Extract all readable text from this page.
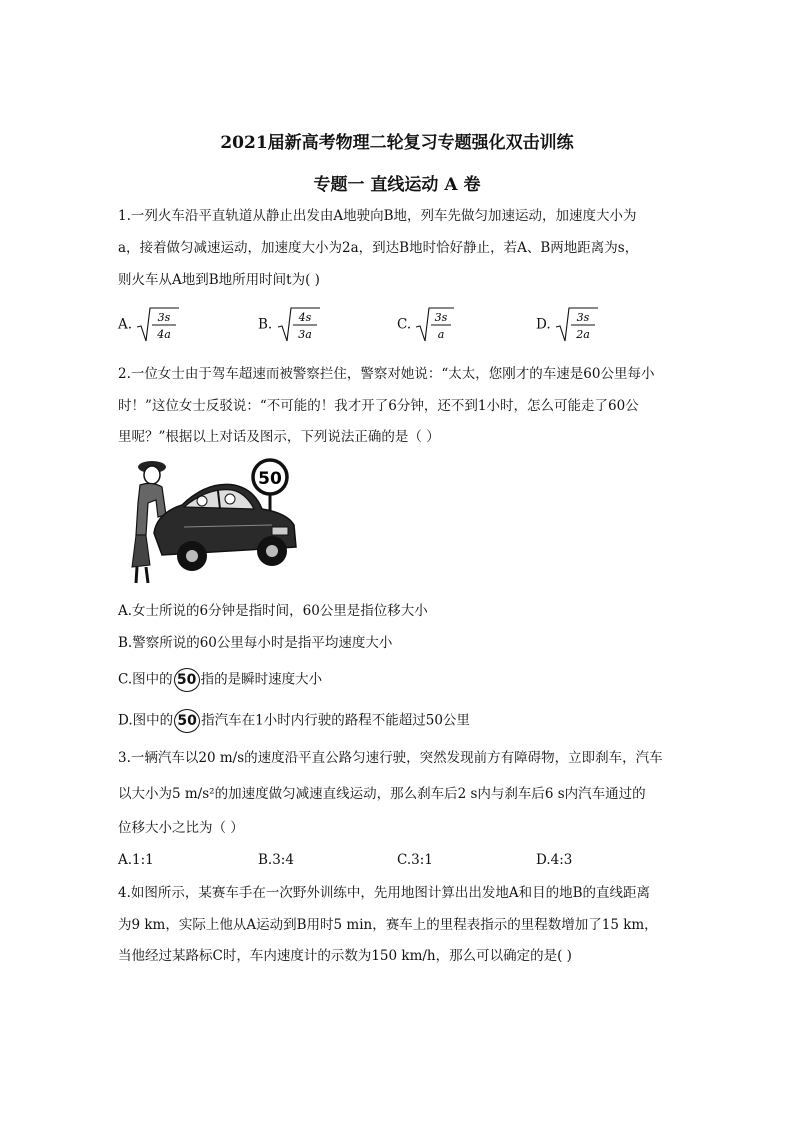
2021届新高考物理二轮复习专题强化双击训练
专题一 直线运动 A 卷
1.一列火车沿平直轨道从静止出发由A地驶向B地，列车先做匀加速运动，加速度大小为
a，接着做匀减速运动，加速度大小为2a，到达B地时恰好静止，若A、B两地距离为s，
则火车从A地到B地所用时间t为( )
A. 3s
4a
B. 4s
3a
C. 3s
a
D. 3s
2a
2.一位女士由于驾车超速而被警察拦住，警察对她说：“太太，您刚才的车速是60公里每小
时！”这位女士反驳说：“不可能的！我才开了6分钟，还不到1小时，怎么可能走了60公
里呢？”根据以上对话及图示，下列说法正确的是（ ）
50
A.女士所说的6分钟是指时间，60公里是指位移大小
B.警察所说的60公里每小时是指平均速度大小
C.图中的 50 指的是瞬时速度大小
D.图中的 50 指汽车在1小时内行驶的路程不能超过50公里
3.一辆汽车以20 m/s的速度沿平直公路匀速行驶，突然发现前方有障碍物，立即刹车，汽车
以大小为5 m/s²的加速度做匀减速直线运动，那么刹车后2 s内与刹车后6 s内汽车通过的
位移大小之比为（ ）
A.1:1	B.3:4	C.3:1	D.4:3
4.如图所示，某赛车手在一次野外训练中，先用地图计算出出发地A和目的地B的直线距离
为9 km，实际上他从A运动到B用时5 min，赛车上的里程表指示的里程数增加了15 km，
当他经过某路标C时，车内速度计的示数为150 km/h，那么可以确定的是( )
